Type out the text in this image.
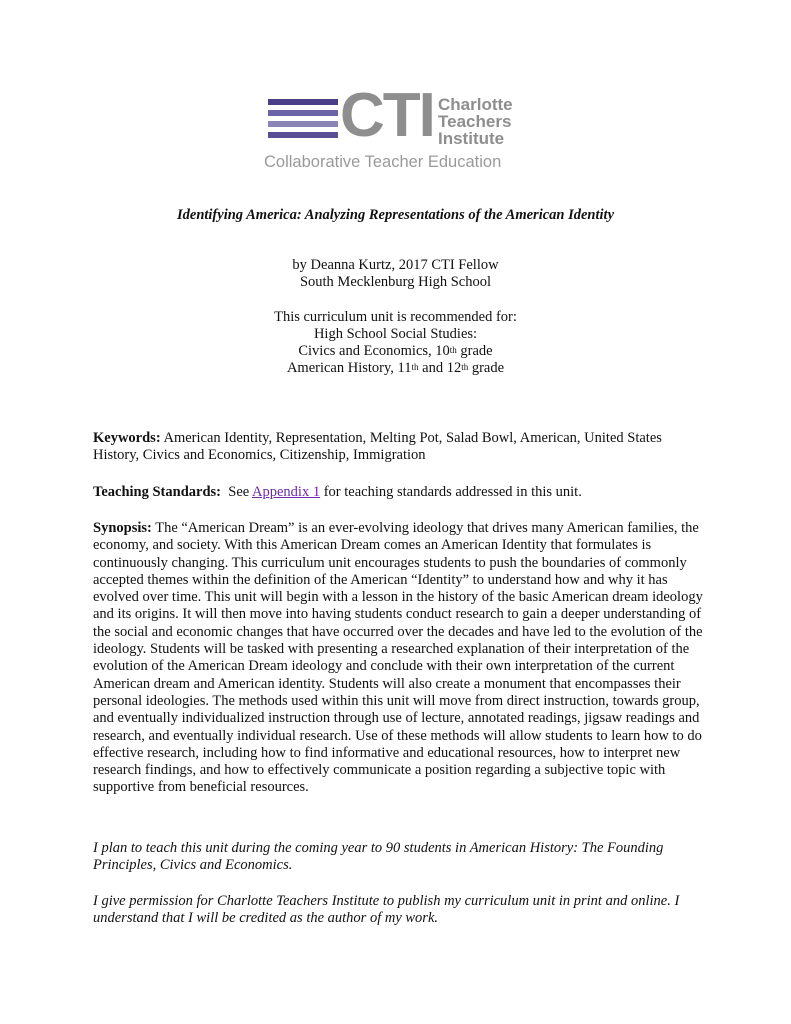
CTI Charlotte
Teachers
Institute
Collaborative Teacher Education
Identifying America: Analyzing Representations of the American Identity
by Deanna Kurtz, 2017 CTI Fellow
South Mecklenburg High School
This curriculum unit is recommended for:
High School Social Studies:
Civics and Economics, 10th grade
American History, 11th and 12th grade
Keywords: American Identity, Representation, Melting Pot, Salad Bowl, American, United States History, Civics and Economics, Citizenship, Immigration
Teaching Standards:  See Appendix 1 for teaching standards addressed in this unit.
Synopsis: The “American Dream” is an ever-evolving ideology that drives many American families, the economy, and society. With this American Dream comes an American Identity that formulates is continuously changing. This curriculum unit encourages students to push the boundaries of commonly accepted themes within the definition of the American “Identity” to understand how and why it has evolved over time. This unit will begin with a lesson in the history of the basic American dream ideology and its origins. It will then move into having students conduct research to gain a deeper understanding of the social and economic changes that have occurred over the decades and have led to the evolution of the ideology. Students will be tasked with presenting a researched explanation of their interpretation of the evolution of the American Dream ideology and conclude with their own interpretation of the current American dream and American identity. Students will also create a monument that encompasses their personal ideologies. The methods used within this unit will move from direct instruction, towards group, and eventually individualized instruction through use of lecture, annotated readings, jigsaw readings and research, and eventually individual research. Use of these methods will allow students to learn how to do effective research, including how to find informative and educational resources, how to interpret new research findings, and how to effectively communicate a position regarding a subjective topic with supportive from beneficial resources.
I plan to teach this unit during the coming year to 90 students in American History: The Founding Principles, Civics and Economics.
I give permission for Charlotte Teachers Institute to publish my curriculum unit in print and online. I understand that I will be credited as the author of my work.
